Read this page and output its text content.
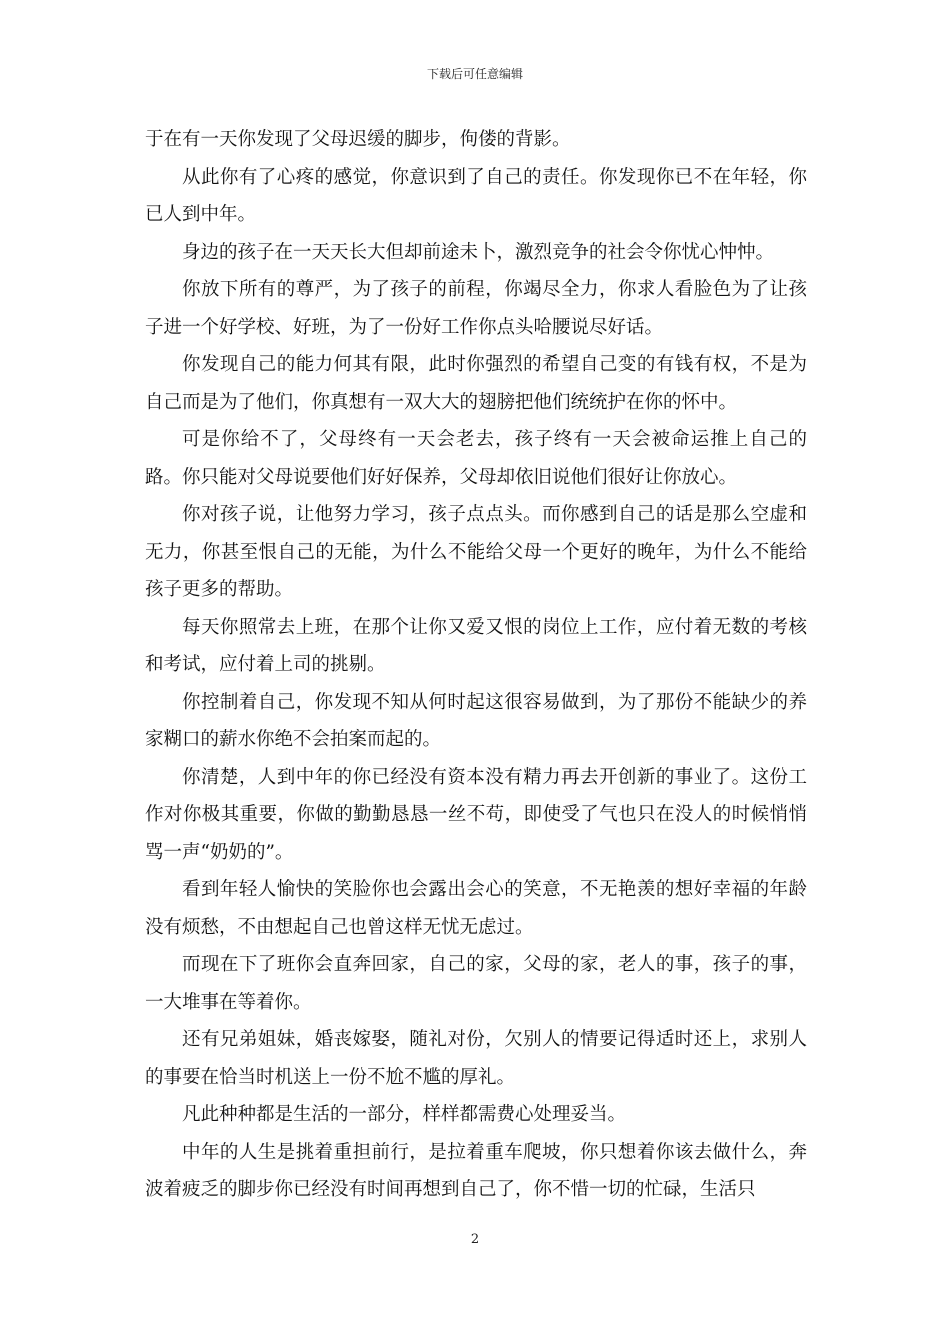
下载后可任意编辑

于在有一天你发现了父母迟缓的脚步，佝偻的背影。

从此你有了心疼的感觉，你意识到了自己的责任。你发现你已不在年轻，你已人到中年。

身边的孩子在一天天长大但却前途未卜，激烈竞争的社会令你忧心忡忡。

你放下所有的尊严，为了孩子的前程，你竭尽全力，你求人看脸色为了让孩子进一个好学校、好班，为了一份好工作你点头哈腰说尽好话。

你发现自己的能力何其有限，此时你强烈的希望自己变的有钱有权，不是为自己而是为了他们，你真想有一双大大的翅膀把他们统统护在你的怀中。

可是你给不了，父母终有一天会老去，孩子终有一天会被命运推上自己的路。你只能对父母说要他们好好保养，父母却依旧说他们很好让你放心。

你对孩子说，让他努力学习，孩子点点头。而你感到自己的话是那么空虚和无力，你甚至恨自己的无能，为什么不能给父母一个更好的晚年，为什么不能给孩子更多的帮助。

每天你照常去上班，在那个让你又爱又恨的岗位上工作，应付着无数的考核和考试，应付着上司的挑剔。

你控制着自己，你发现不知从何时起这很容易做到，为了那份不能缺少的养家糊口的薪水你绝不会拍案而起的。

你清楚，人到中年的你已经没有资本没有精力再去开创新的事业了。这份工作对你极其重要，你做的勤勤恳恳一丝不苟，即使受了气也只在没人的时候悄悄骂一声“奶奶的”。

看到年轻人愉快的笑脸你也会露出会心的笑意，不无艳羡的想好幸福的年龄没有烦愁，不由想起自己也曾这样无忧无虑过。

而现在下了班你会直奔回家，自己的家，父母的家，老人的事，孩子的事，一大堆事在等着你。

还有兄弟姐妹，婚丧嫁娶，随礼对份，欠别人的情要记得适时还上，求别人的事要在恰当时机送上一份不尬不尴的厚礼。

凡此种种都是生活的一部分，样样都需费心处理妥当。

中年的人生是挑着重担前行，是拉着重车爬坡，你只想着你该去做什么，奔波着疲乏的脚步你已经没有时间再想到自己了，你不惜一切的忙碌，生活只

2
